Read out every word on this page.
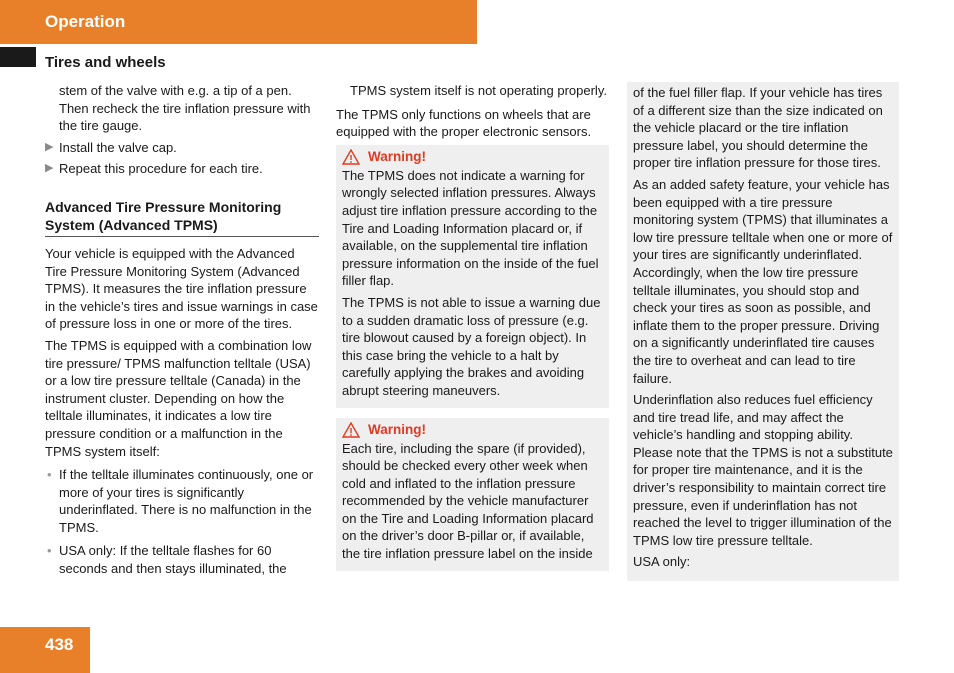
Operation
Tires and wheels

stem of the valve with e.g. a tip of a pen. Then recheck the tire inflation pressure with the tire gauge.

▶ Install the valve cap.
▶ Repeat this procedure for each tire.
Advanced Tire Pressure Monitoring System (Advanced TPMS)

Your vehicle is equipped with the Advanced Tire Pressure Monitoring System (Advanced TPMS). It measures the tire inflation pressure in the vehicle’s tires and issue warnings in case of pressure loss in one or more of the tires.

The TPMS is equipped with a combination low tire pressure/ TPMS malfunction telltale (USA) or a low tire pressure telltale (Canada) in the instrument cluster. Depending on how the telltale illuminates, it indicates a low tire pressure condition or a malfunction in the TPMS system itself:

• If the telltale illuminates continuously, one or more of your tires is significantly underinflated. There is no malfunction in the TPMS.
• USA only: If the telltale flashes for 60 seconds and then stays illuminated, the

TPMS system itself is not operating properly.

The TPMS only functions on wheels that are equipped with the proper electronic sensors.

Warning!

The TPMS does not indicate a warning for wrongly selected inflation pressures. Always adjust tire inflation pressure according to the Tire and Loading Information placard or, if available, on the supplemental tire inflation pressure information on the inside of the fuel filler flap.

The TPMS is not able to issue a warning due to a sudden dramatic loss of pressure (e.g. tire blowout caused by a foreign object). In this case bring the vehicle to a halt by carefully applying the brakes and avoiding abrupt steering maneuvers.

Warning!

Each tire, including the spare (if provided), should be checked every other week when cold and inflated to the inflation pressure recommended by the vehicle manufacturer on the Tire and Loading Information placard on the driver’s door B-pillar or, if available, the tire inflation pressure label on the inside

of the fuel filler flap. If your vehicle has tires of a different size than the size indicated on the vehicle placard or the tire inflation pressure label, you should determine the proper tire inflation pressure for those tires.

As an added safety feature, your vehicle has been equipped with a tire pressure monitoring system (TPMS) that illuminates a low tire pressure telltale when one or more of your tires are significantly underinflated. Accordingly, when the low tire pressure telltale illuminates, you should stop and check your tires as soon as possible, and inflate them to the proper pressure. Driving on a significantly underinflated tire causes the tire to overheat and can lead to tire failure.

Underinflation also reduces fuel efficiency and tire tread life, and may affect the vehicle’s handling and stopping ability. Please note that the TPMS is not a substitute for proper tire maintenance, and it is the driver’s responsibility to maintain correct tire pressure, even if underinflation has not reached the level to trigger illumination of the TPMS low tire pressure telltale.

USA only:

438
